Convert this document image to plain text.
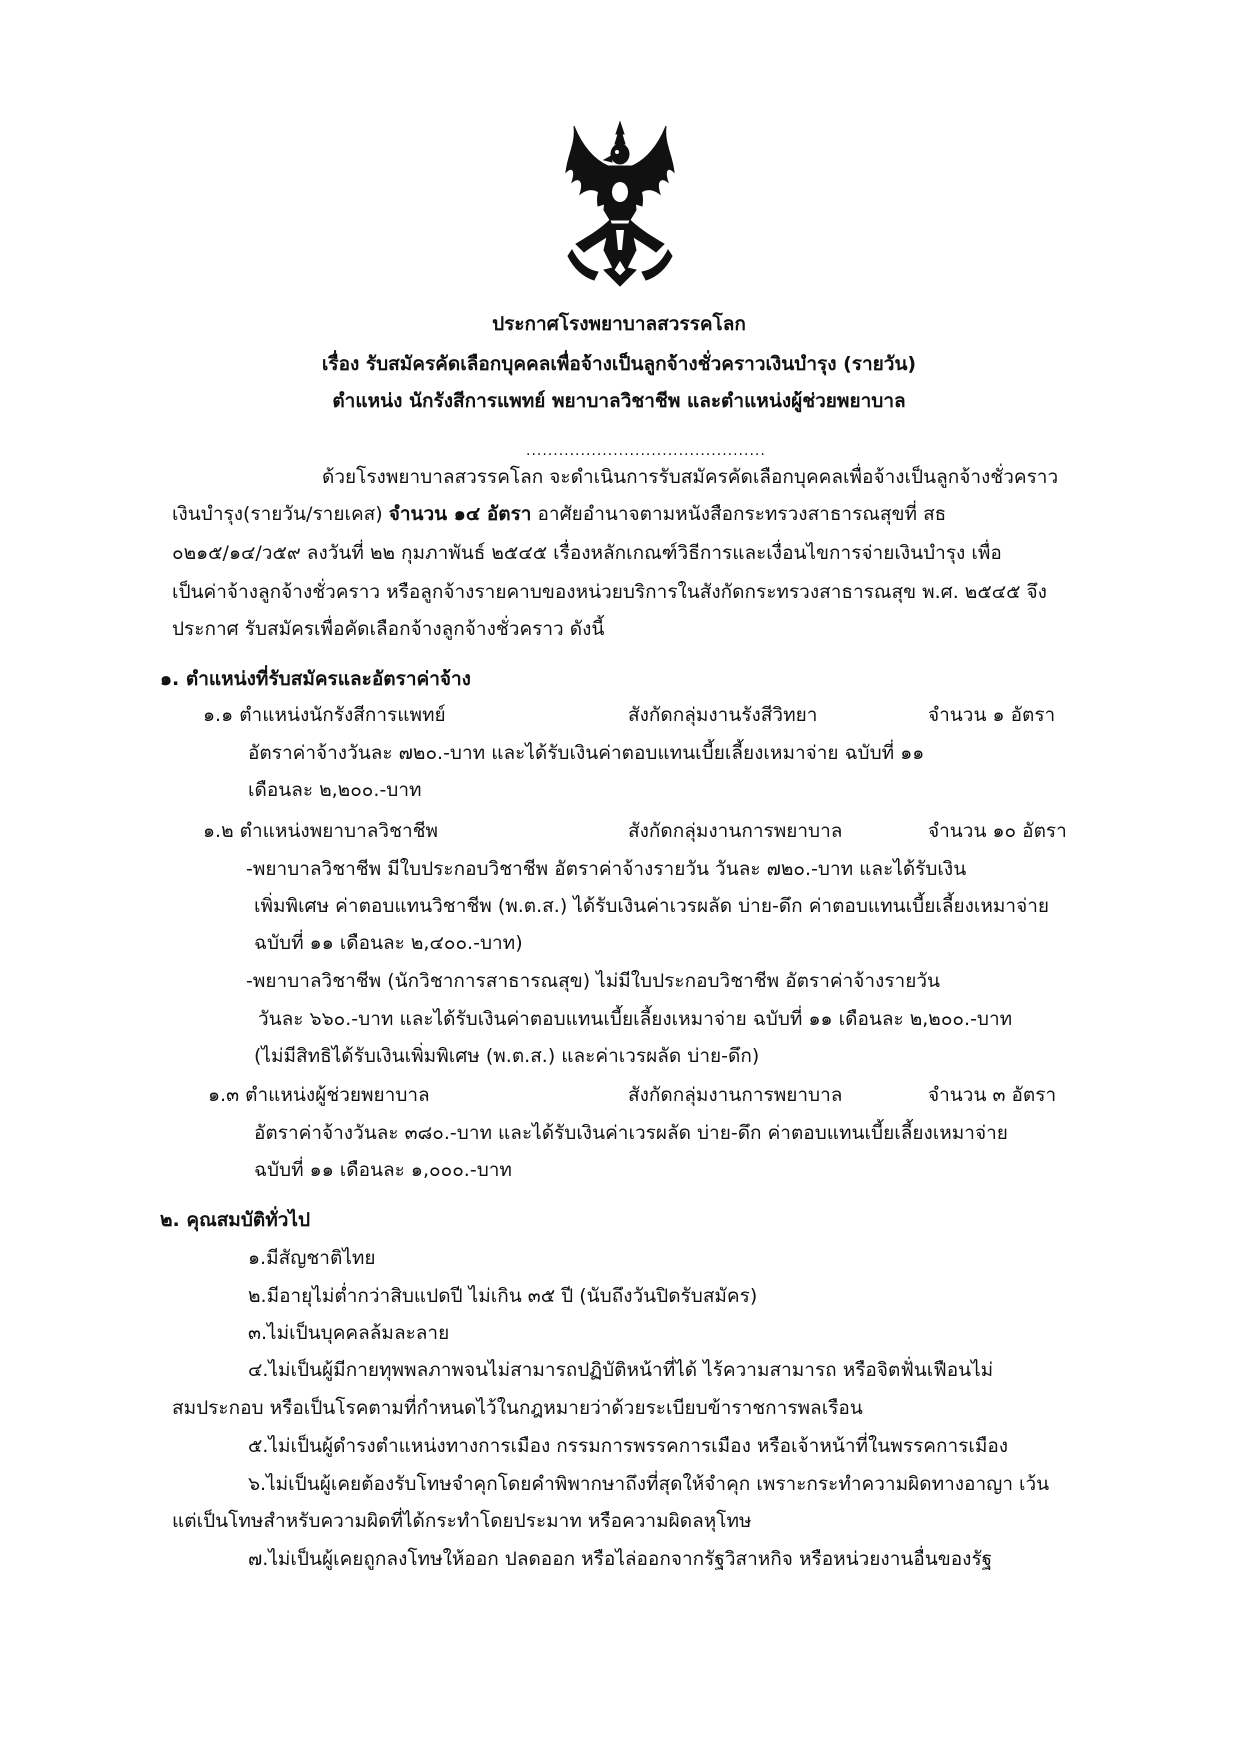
ประกาศโรงพยาบาลสวรรคโลก
เรื่อง รับสมัครคัดเลือกบุคคลเพื่อจ้างเป็นลูกจ้างชั่วคราวเงินบำรุง (รายวัน)
ตำแหน่ง นักรังสีการแพทย์ พยาบาลวิชาชีพ และตำแหน่งผู้ช่วยพยาบาล
............................................
ด้วยโรงพยาบาลสวรรคโลก จะดำเนินการรับสมัครคัดเลือกบุคคลเพื่อจ้างเป็นลูกจ้างชั่วคราว
เงินบำรุง(รายวัน/รายเคส) จำนวน ๑๔ อัตรา อาศัยอำนาจตามหนังสือกระทรวงสาธารณสุขที่ สธ
๐๒๑๕/๑๔/ว๕๙ ลงวันที่ ๒๒ กุมภาพันธ์ ๒๕๔๕ เรื่องหลักเกณฑ์วิธีการและเงื่อนไขการจ่ายเงินบำรุง เพื่อ
เป็นค่าจ้างลูกจ้างชั่วคราว หรือลูกจ้างรายคาบของหน่วยบริการในสังกัดกระทรวงสาธารณสุข พ.ศ. ๒๕๔๕ จึง
ประกาศ รับสมัครเพื่อคัดเลือกจ้างลูกจ้างชั่วคราว ดังนี้
๑. ตำแหน่งที่รับสมัครและอัตราค่าจ้าง
๑.๑ ตำแหน่งนักรังสีการแพทย์	สังกัดกลุ่มงานรังสีวิทยา	จำนวน ๑ อัตรา
อัตราค่าจ้างวันละ ๗๒๐.-บาท และได้รับเงินค่าตอบแทนเบี้ยเลี้ยงเหมาจ่าย ฉบับที่ ๑๑
เดือนละ ๒,๒๐๐.-บาท
๑.๒ ตำแหน่งพยาบาลวิชาชีพ	สังกัดกลุ่มงานการพยาบาล	จำนวน ๑๐ อัตรา
-พยาบาลวิชาชีพ มีใบประกอบวิชาชีพ อัตราค่าจ้างรายวัน วันละ ๗๒๐.-บาท และได้รับเงิน
เพิ่มพิเศษ ค่าตอบแทนวิชาชีพ (พ.ต.ส.) ได้รับเงินค่าเวรผลัด บ่าย-ดึก ค่าตอบแทนเบี้ยเลี้ยงเหมาจ่าย
ฉบับที่ ๑๑ เดือนละ ๒,๔๐๐.-บาท)
-พยาบาลวิชาชีพ (นักวิชาการสาธารณสุข) ไม่มีใบประกอบวิชาชีพ อัตราค่าจ้างรายวัน
วันละ ๖๖๐.-บาท และได้รับเงินค่าตอบแทนเบี้ยเลี้ยงเหมาจ่าย ฉบับที่ ๑๑ เดือนละ ๒,๒๐๐.-บาท
(ไม่มีสิทธิได้รับเงินเพิ่มพิเศษ (พ.ต.ส.) และค่าเวรผลัด บ่าย-ดึก)
๑.๓ ตำแหน่งผู้ช่วยพยาบาล	สังกัดกลุ่มงานการพยาบาล	จำนวน ๓ อัตรา
อัตราค่าจ้างวันละ ๓๘๐.-บาท และได้รับเงินค่าเวรผลัด บ่าย-ดึก ค่าตอบแทนเบี้ยเลี้ยงเหมาจ่าย
ฉบับที่ ๑๑ เดือนละ ๑,๐๐๐.-บาท
๒. คุณสมบัติทั่วไป
๑.มีสัญชาติไทย
๒.มีอายุไม่ต่ำกว่าสิบแปดปี ไม่เกิน ๓๕ ปี (นับถึงวันปิดรับสมัคร)
๓.ไม่เป็นบุคคลล้มละลาย
๔.ไม่เป็นผู้มีกายทุพพลภาพจนไม่สามารถปฏิบัติหน้าที่ได้ ไร้ความสามารถ หรือจิตฟั่นเฟือนไม่
สมประกอบ หรือเป็นโรคตามที่กำหนดไว้ในกฎหมายว่าด้วยระเบียบข้าราชการพลเรือน
๕.ไม่เป็นผู้ดำรงตำแหน่งทางการเมือง กรรมการพรรคการเมือง หรือเจ้าหน้าที่ในพรรคการเมือง
๖.ไม่เป็นผู้เคยต้องรับโทษจำคุกโดยคำพิพากษาถึงที่สุดให้จำคุก เพราะกระทำความผิดทางอาญา เว้น
แต่เป็นโทษสำหรับความผิดที่ได้กระทำโดยประมาท หรือความผิดลหุโทษ
๗.ไม่เป็นผู้เคยถูกลงโทษให้ออก ปลดออก หรือไล่ออกจากรัฐวิสาหกิจ หรือหน่วยงานอื่นของรัฐ
